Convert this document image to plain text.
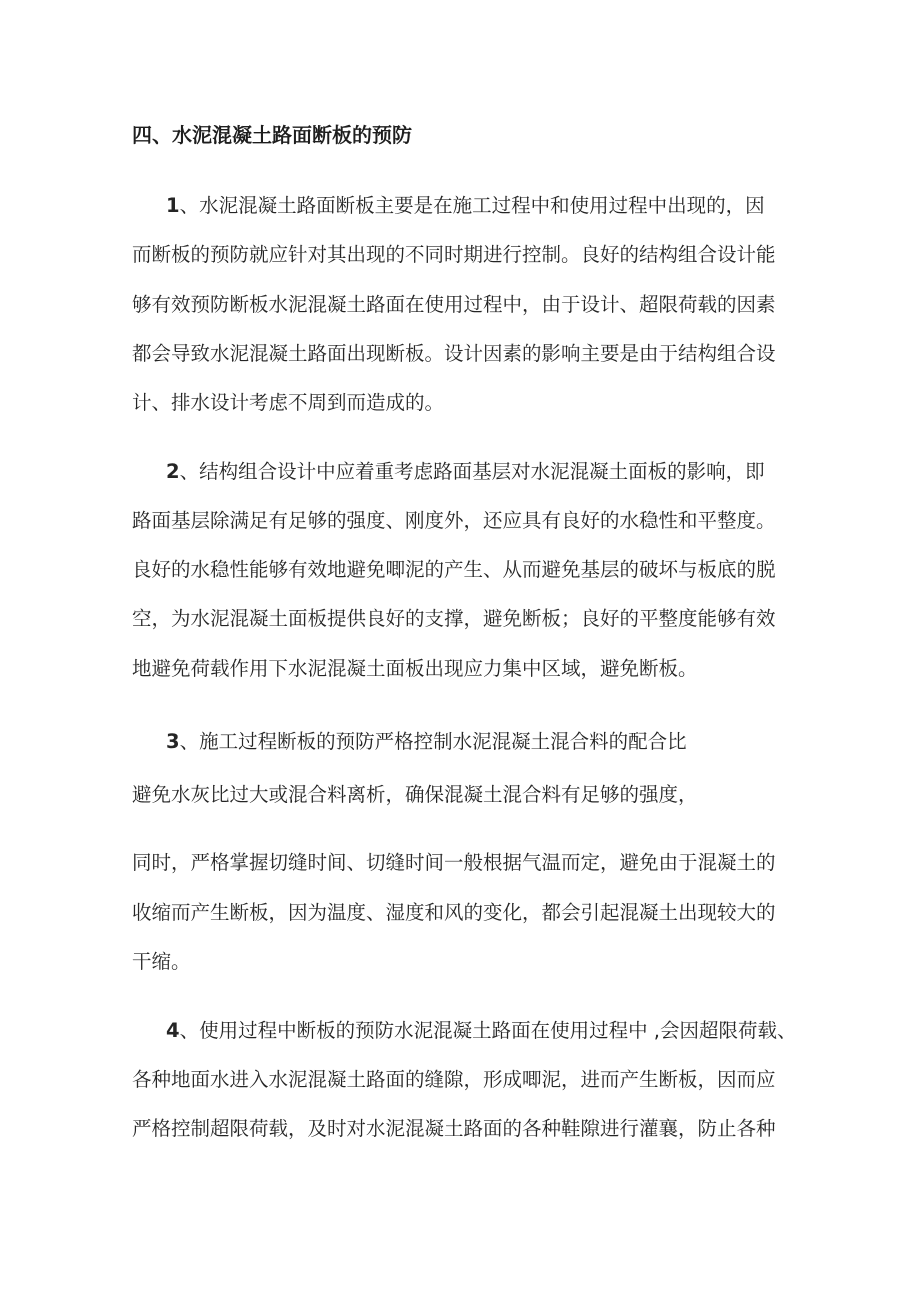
四、水泥混凝土路面断板的预防
1、水泥混凝土路面断板主要是在施工过程中和使用过程中出现的，因
而断板的预防就应针对其出现的不同时期进行控制。良好的结构组合设计能
够有效预防断板水泥混凝土路面在使用过程中，由于设计、超限荷载的因素
都会导致水泥混凝土路面出现断板。设计因素的影响主要是由于结构组合设
计、排水设计考虑不周到而造成的。
2、结构组合设计中应着重考虑路面基层对水泥混凝土面板的影响，即
路面基层除满足有足够的强度、刚度外，还应具有良好的水稳性和平整度。
良好的水稳性能够有效地避免唧泥的产生、从而避免基层的破坏与板底的脱
空，为水泥混凝土面板提供良好的支撑，避免断板；良好的平整度能够有效
地避免荷载作用下水泥混凝土面板出现应力集中区域，避免断板。
3、施工过程断板的预防严格控制水泥混凝土混合料的配合比
避免水灰比过大或混合料离析，确保混凝土混合料有足够的强度，
同时，严格掌握切缝时间、切缝时间一般根据气温而定，避免由于混凝土的
收缩而产生断板，因为温度、湿度和风的变化，都会引起混凝土出现较大的
干缩。
4、使用过程中断板的预防水泥混凝土路面在使用过程中 ,会因超限荷载、
各种地面水进入水泥混凝土路面的缝隙，形成唧泥，进而产生断板，因而应
严格控制超限荷载，及时对水泥混凝土路面的各种鞋隙进行灌襄，防止各种
